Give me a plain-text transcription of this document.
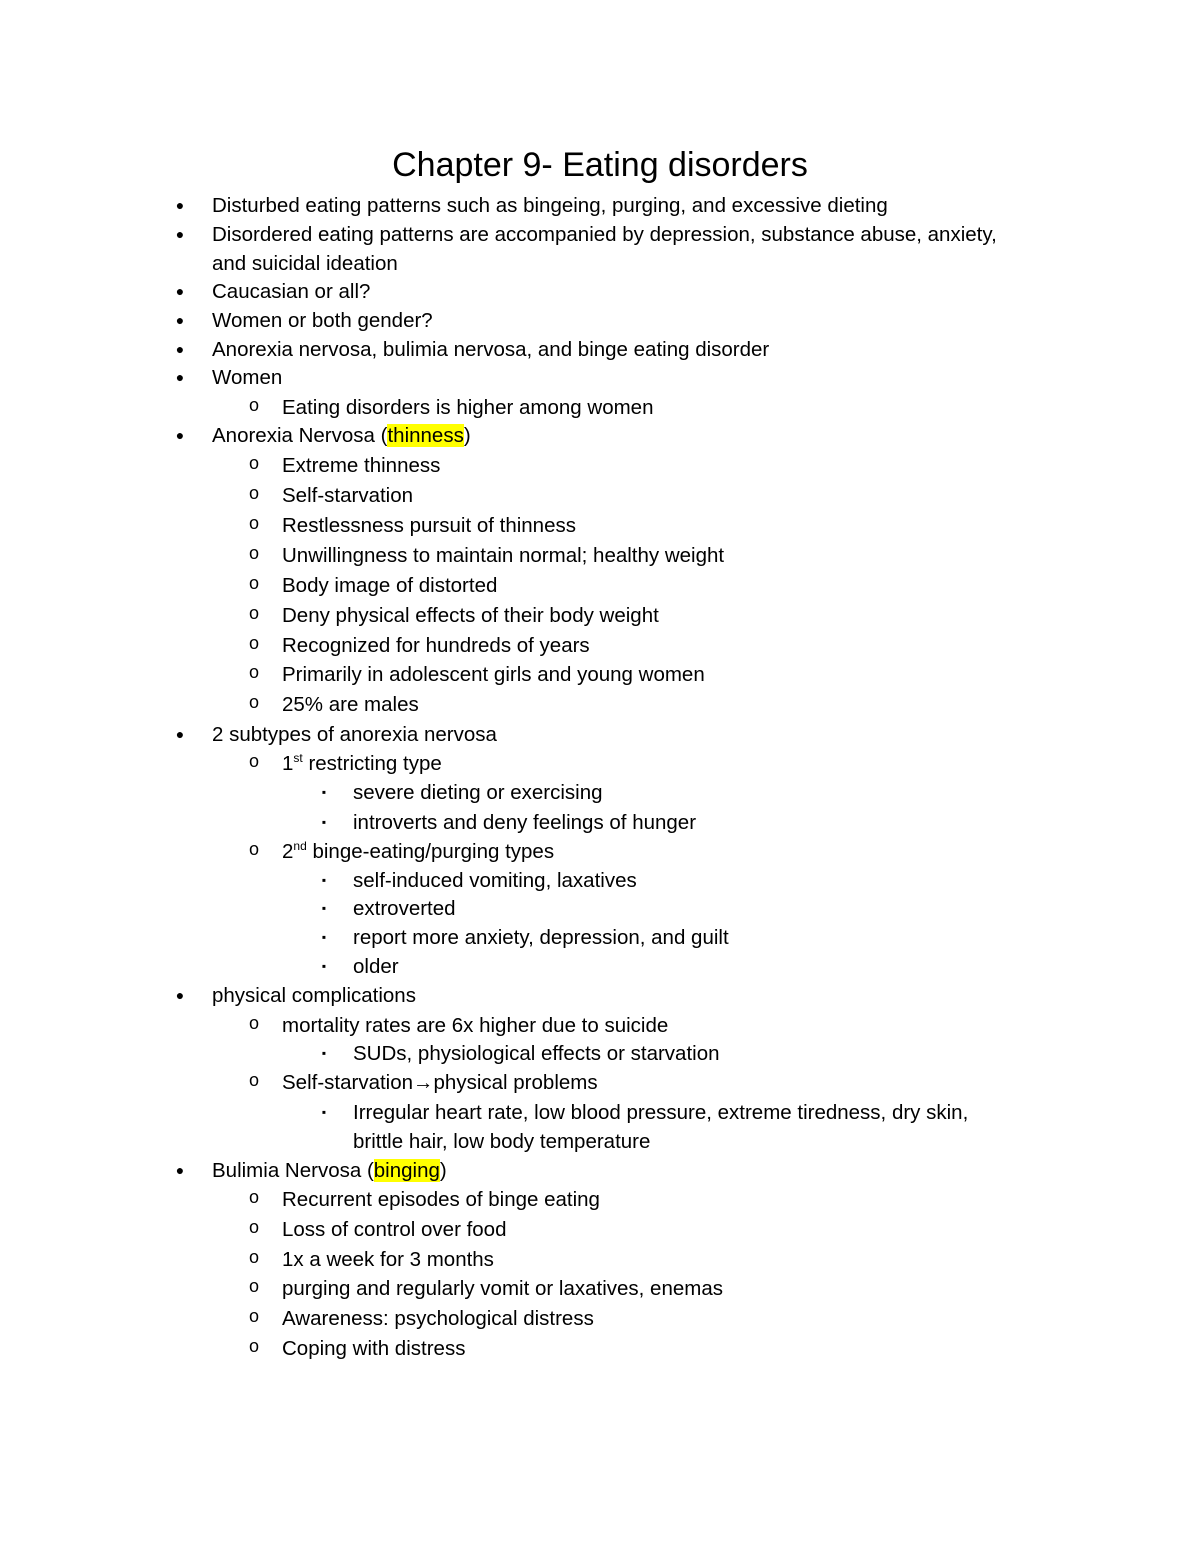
Chapter 9- Eating disorders
● Disturbed eating patterns such as bingeing, purging, and excessive dieting
● Disordered eating patterns are accompanied by depression, substance abuse, anxiety,
and suicidal ideation
● Caucasian or all?
● Women or both gender?
● Anorexia nervosa, bulimia nervosa, and binge eating disorder
● Women
o Eating disorders is higher among women
● Anorexia Nervosa (thinness)
o Extreme thinness
o Self-starvation
o Restlessness pursuit of thinness
o Unwillingness to maintain normal; healthy weight
o Body image of distorted
o Deny physical effects of their body weight
o Recognized for hundreds of years
o Primarily in adolescent girls and young women
o 25% are males
● 2 subtypes of anorexia nervosa
o 1st restricting type
▪ severe dieting or exercising
▪ introverts and deny feelings of hunger
o 2nd binge-eating/purging types
▪ self-induced vomiting, laxatives
▪ extroverted
▪ report more anxiety, depression, and guilt
▪ older
● physical complications
o mortality rates are 6x higher due to suicide
▪ SUDs, physiological effects or starvation
o Self-starvation→physical problems
▪ Irregular heart rate, low blood pressure, extreme tiredness, dry skin,
brittle hair, low body temperature
● Bulimia Nervosa (binging)
o Recurrent episodes of binge eating
o Loss of control over food
o 1x a week for 3 months
o purging and regularly vomit or laxatives, enemas
o Awareness: psychological distress
o Coping with distress
